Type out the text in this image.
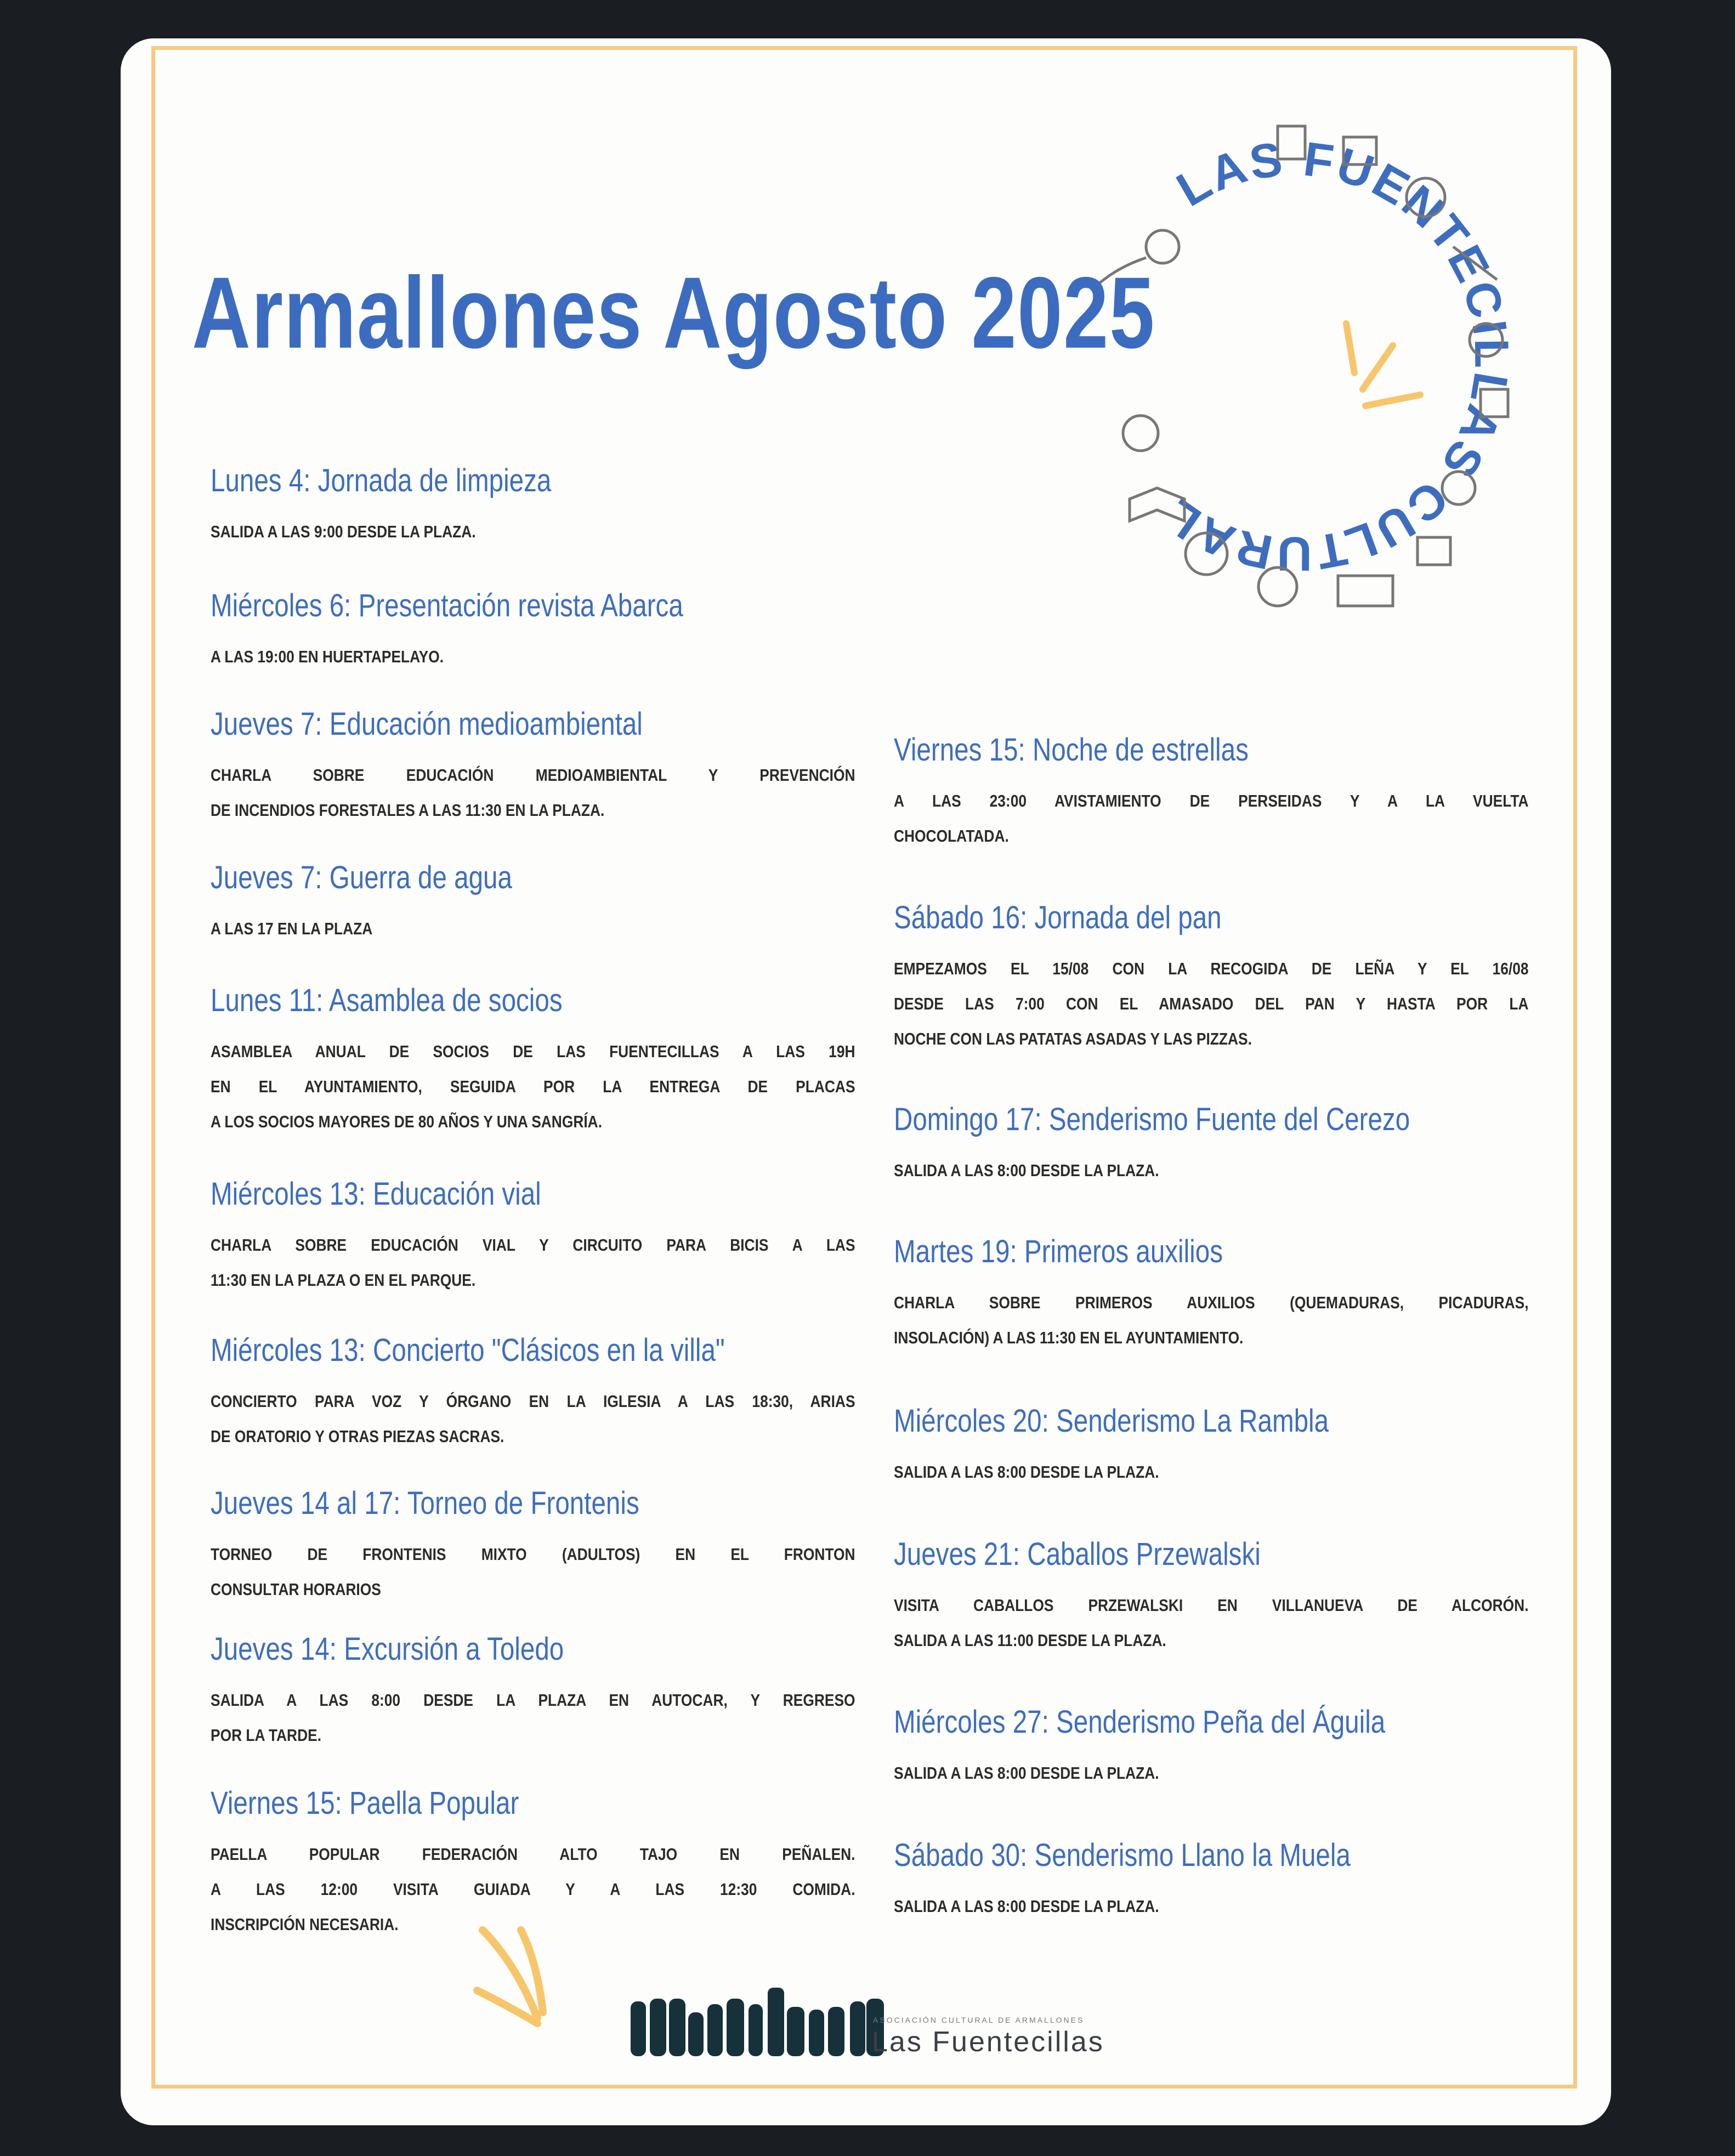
LAS FUENTECILLAS CULTURAL
Armallones Agosto 2025
Lunes 4: Jornada de limpieza
SALIDA A LAS 9:00 DESDE LA PLAZA.
Miércoles 6: Presentación revista Abarca
A LAS 19:00 EN HUERTAPELAYO.
Jueves 7: Educación medioambiental
CHARLA SOBRE EDUCACIÓN MEDIOAMBIENTAL Y PREVENCIÓN
DE INCENDIOS FORESTALES A LAS 11:30 EN LA PLAZA.
Jueves 7: Guerra de agua
A LAS 17 EN LA PLAZA
Lunes 11: Asamblea de socios
ASAMBLEA ANUAL DE SOCIOS DE LAS FUENTECILLAS A LAS 19H
EN EL AYUNTAMIENTO, SEGUIDA POR LA ENTREGA DE PLACAS
A LOS SOCIOS MAYORES DE 80 AÑOS Y UNA SANGRÍA.
Miércoles 13: Educación vial
CHARLA SOBRE EDUCACIÓN VIAL Y CIRCUITO PARA BICIS A LAS
11:30 EN LA PLAZA O EN EL PARQUE.
Miércoles 13: Concierto "Clásicos en la villa"
CONCIERTO PARA VOZ Y ÓRGANO EN LA IGLESIA A LAS 18:30, ARIAS
DE ORATORIO Y OTRAS PIEZAS SACRAS.
Jueves 14 al 17: Torneo de Frontenis
TORNEO DE FRONTENIS MIXTO (ADULTOS) EN EL FRONTON
CONSULTAR HORARIOS
Jueves 14: Excursión a Toledo
SALIDA A LAS 8:00 DESDE LA PLAZA EN AUTOCAR, Y REGRESO
POR LA TARDE.
Viernes 15: Paella Popular
PAELLA POPULAR FEDERACIÓN ALTO TAJO EN PEÑALEN.
A LAS 12:00 VISITA GUIADA Y A LAS 12:30 COMIDA.
INSCRIPCIÓN NECESARIA.
Viernes 15: Noche de estrellas
A LAS 23:00 AVISTAMIENTO DE PERSEIDAS Y A LA VUELTA
CHOCOLATADA.
Sábado 16: Jornada del pan
EMPEZAMOS EL 15/08 CON LA RECOGIDA DE LEÑA Y EL 16/08
DESDE LAS 7:00 CON EL AMASADO DEL PAN Y HASTA POR LA
NOCHE CON LAS PATATAS ASADAS Y LAS PIZZAS.
Domingo 17: Senderismo Fuente del Cerezo
SALIDA A LAS 8:00 DESDE LA PLAZA.
Martes 19: Primeros auxilios
CHARLA SOBRE PRIMEROS AUXILIOS (QUEMADURAS, PICADURAS,
INSOLACIÓN) A LAS 11:30 EN EL AYUNTAMIENTO.
Miércoles 20: Senderismo La Rambla
SALIDA A LAS 8:00 DESDE LA PLAZA.
Jueves 21: Caballos Przewalski
VISITA CABALLOS PRZEWALSKI EN VILLANUEVA DE ALCORÓN.
SALIDA A LAS 11:00 DESDE LA PLAZA.
Miércoles 27: Senderismo Peña del Águila
SALIDA A LAS 8:00 DESDE LA PLAZA.
Sábado 30: Senderismo Llano la Muela
SALIDA A LAS 8:00 DESDE LA PLAZA.
ASOCIACIÓN CULTURAL DE ARMALLONES
Las Fuentecillas
